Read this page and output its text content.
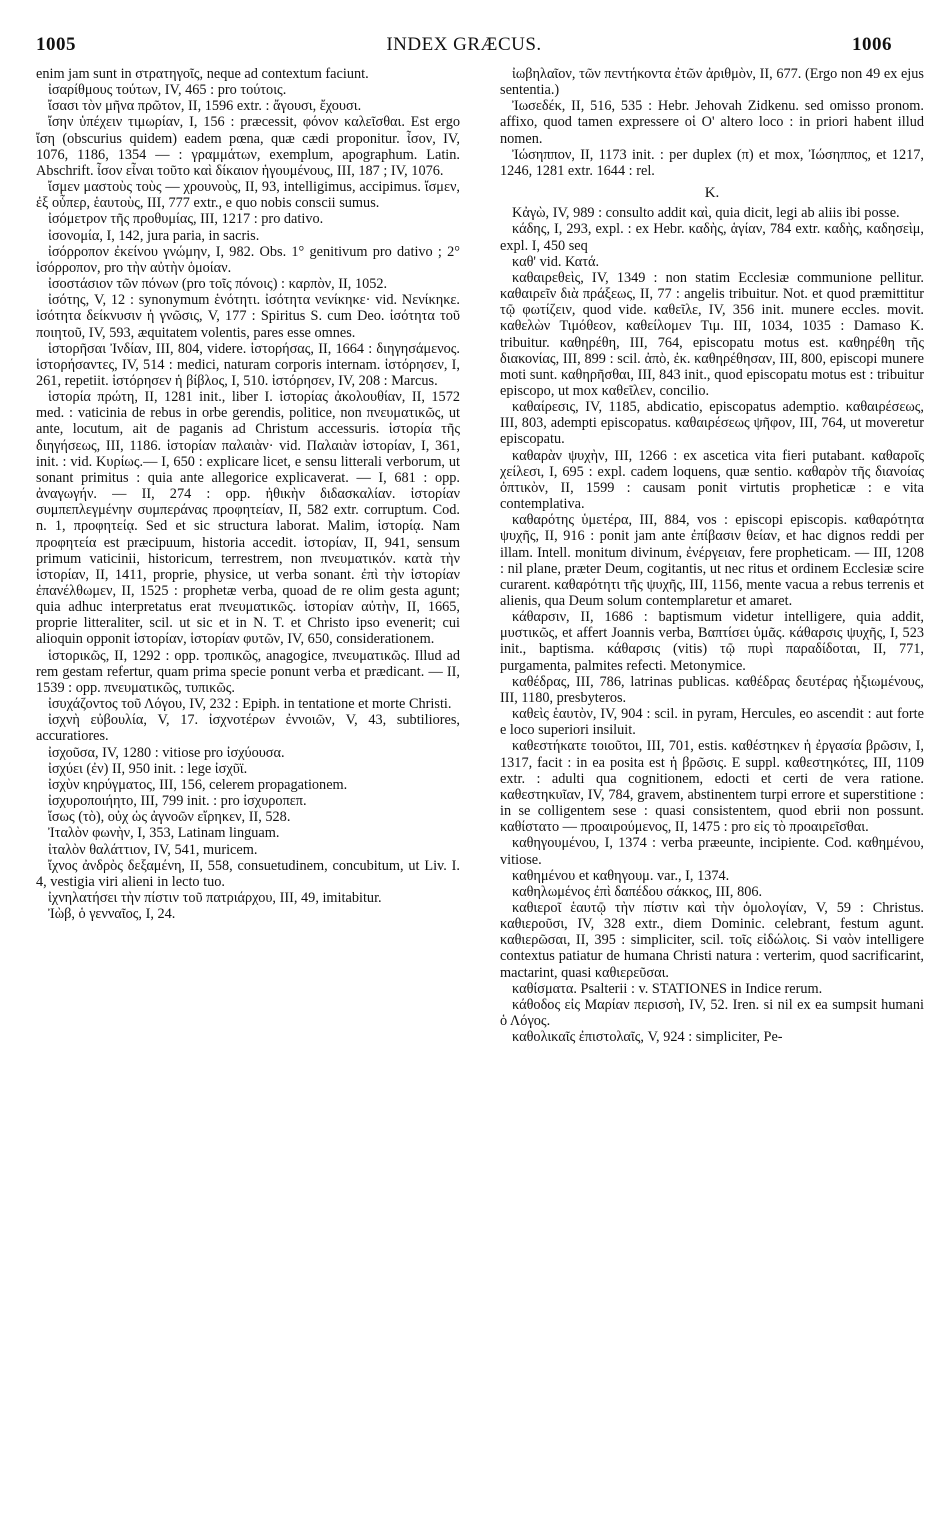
1005	INDEX GRÆCUS.	1006

enim jam sunt in στρατηγοῖς, neque ad contextum faciunt.

ἰσαρίθμους τούτων, IV, 465 : pro τούτοις.

ἴσασι τὸν μῆνα πρῶτον, II, 1596 extr. : ἄγουσι, ἔχουσι.

ἴσην ὑπέχειν τιμωρίαν, I, 156 : præcessit, φόνον καλεῖσθαι. Est ergo ἴση (obscurius quidem) eadem pœna, quæ cædi proponitur. ἶσον, IV, 1076, 1186, 1354 — : γραμμάτων, exemplum, apographum. Latin. Abschrift. ἶσον εἶναι τοῦτο καὶ δίκαιον ἡγουμένους, III, 187 ; IV, 1076.

ἴσμεν μαστοὺς τοὺς — χρουνοὺς, II, 93, intelligimus, accipimus. ἴσμεν, ἐξ οὗπερ, ἑαυτοὺς, III, 777 extr., e quo nobis conscii sumus.

ἰσόμετρον τῆς προθυμίας, III, 1217 : pro dativo.

ἰσονομία, I, 142, jura paria, in sacris.

ἰσόρροπον ἐκείνου γνώμην, I, 982. Obs. 1° genitivum pro dativo ; 2° ἰσόρροπον, pro τὴν αὐτὴν ὁμοίαν.

ἰσοστάσιον τῶν πόνων (pro τοῖς πόνοις) : καρπὸν, II, 1052.

ἰσότης, V, 12 : synonymum ἑνότητι. ἰσότητα νενίκηκε· vid. Νενίκηκε. ἰσότητα δείκνυσιν ἡ γνῶσις, V, 177 : Spiritus S. cum Deo. ἰσότητα τοῦ ποιητοῦ, IV, 593, æquitatem volentis, pares esse omnes.

ἱστορῆσαι Ἰνδίαν, III, 804, videre. ἱστορήσας, II, 1664 : διηγησάμενος. ἱστορήσαντες, IV, 514 : medici, naturam corporis internam. ἱστόρησεν, I, 261, repetiit. ἱστόρησεν ἡ βίβλος, I, 510. ἱστόρησεν, IV, 208 : Marcus.

ἱστορία πρώτη, II, 1281 init., liber I. ἱστορίας ἀκολουθίαν, II, 1572 med. : vaticinia de rebus in orbe gerendis, politice, non πνευματικῶς, ut ante, locutum, ait de paganis ad Christum accessuris. ἱστορία τῆς διηγήσεως, III, 1186. ἱστορίαν παλαιὰν· vid. Παλαιὰν ἱστορίαν, I, 361, init. : vid. Κυρίως.— I, 650 : explicare licet, e sensu litterali verborum, ut sonant primitus : quia ante allegorice explicaverat. — I, 681 : opp. ἀναγωγήν. — II, 274 : opp. ἠθικὴν διδασκαλίαν. ἱστορίαν συμπεπλεγμένην συμπεράνας προφητείαν, II, 582 extr. corruptum. Cod. n. 1, προφητείᾳ. Sed et sic structura laborat. Malim, ἱστορίᾳ. Nam προφητεία est præcipuum, historia accedit. ἱστορίαν, II, 941, sensum primum vaticinii, historicum, terrestrem, non πνευματικόν. κατὰ τὴν ἱστορίαν, II, 1411, proprie, physice, ut verba sonant. ἐπὶ τὴν ἱστορίαν ἐπανέλθωμεν, II, 1525 : prophetæ verba, quoad de re olim gesta agunt; quia adhuc interpretatus erat πνευματικῶς. ἱστορίαν αὐτὴν, II, 1665, proprie litteraliter, scil. ut sic et in N. T. et Christo ipso evenerit; cui alioquin opponit ἱστορίαν, ἱστορίαν φυτῶν, IV, 650, considerationem.

ἱστορικῶς, II, 1292 : opp. τροπικῶς, anagogice, πνευματικῶς. Illud ad rem gestam refertur, quam prima specie ponunt verba et prædicant. — II, 1539 : opp. πνευματικῶς, τυπικῶς.

ἰσυχάζοντος τοῦ Λόγου, IV, 232 : Epiph. in tentatione et morte Christi.

ἰσχνὴ εὐβουλία, V, 17. ἰσχνοτέρων ἐννοιῶν, V, 43, subtiliores, accuratiores.

ἰσχοῦσα, IV, 1280 : vitiose pro ἰσχύουσα.

ἰσχύει (ἐν) II, 950 init. : lege ἰσχῦϊ.

ἰσχὺν κηρύγματος, III, 156, celerem propagationem.

ἰσχυροποιήητο, III, 799 init. : pro ἰσχυροπεπ.

ἴσως (τὸ), οὐχ ὡς ἀγνοῶν εἴρηκεν, II, 528.

Ἰταλὸν φωνὴν, I, 353, Latinam linguam.

ἰταλὸν θαλάττιον, IV, 541, muricem.

ἴχνος ἀνδρὸς δεξαμένη, II, 558, consuetudinem, concubitum, ut Liv. I. 4, vestigia viri alieni in lecto tuo.

ἰχνηλατήσει τὴν πίστιν τοῦ πατριάρχου, III, 49, imitabitur.

Ἰὼβ, ὁ γενναῖος, I, 24.

ἰωβηλαῖον, τῶν πεντήκοντα ἐτῶν ἀριθμὸν, II, 677. (Ergo non 49 ex ejus sententia.)

Ἰωσεδέκ, II, 516, 535 : Hebr. Jehovah Zidkenu. sed omisso pronom. affixo, quod tamen expressere οἱ Ο' altero loco : in priori habent illud nomen.

Ἰώσηππον, II, 1173 init. : per duplex (π) et mox, Ἰώσηππος, et 1217, 1246, 1281 extr. 1644 : rel.

K.

Κἀγὼ, IV, 989 : consulto addit καὶ, quia dicit, legi ab aliis ibi posse.

κάδης, I, 293, expl. : ex Hebr. καδὴς, ἁγίαν, 784 extr. καδὴς, καδησεὶμ, expl. I, 450 seq

καθ' vid. Κατά.

καθαιρεθεὶς, IV, 1349 : non statim Ecclesiæ communione pellitur. καθαιρεῖν διὰ πράξεως, II, 77 : angelis tribuitur. Not. et quod præmittitur τῷ φωτίζειν, quod vide. καθεῖλε, IV, 356 init. munere eccles. movit. καθελὼν Τιμόθεον, καθείλομεν Τιμ. III, 1034, 1035 : Damaso K. tribuitur. καθηρέθη, III, 764, episcopatu motus est. καθηρέθη τῆς διακονίας, III, 899 : scil. ἀπὸ, ἐκ. καθηρέθησαν, III, 800, episcopi munere moti sunt. καθηρῆσθαι, III, 843 init., quod episcopatu motus est : tribuitur episcopo, ut mox καθεῖλεν, concilio.

καθαίρεσις, IV, 1185, abdicatio, episcopatus ademptio. καθαιρέσεως, III, 803, adempti episcopatus. καθαιρέσεως ψῆφον, III, 764, ut moveretur episcopatu.

καθαρὰν ψυχὴν, III, 1266 : ex ascetica vita fieri putabant. καθαροῖς χείλεσι, I, 695 : expl. cadem loquens, quæ sentio. καθαρὸν τῆς διανοίας ὀπτικὸν, II, 1599 : causam ponit virtutis propheticæ : e vita contemplativa.

καθαρότης ὑμετέρα, III, 884, vos : episcopi episcopis. καθαρότητα ψυχῆς, II, 916 : ponit jam ante ἐπίβασιν θείαν, et hac dignos reddi per illam. Intell. monitum divinum, ἐνέργειαν, fere propheticam. — III, 1208 : nil plane, præter Deum, cogitantis, ut nec ritus et ordinem Ecclesiæ scire curarent. καθαρότητι τῆς ψυχῆς, III, 1156, mente vacua a rebus terrenis et alienis, qua Deum solum contemplaretur et amaret.

κάθαρσιν, II, 1686 : baptismum videtur intelligere, quia addit, μυστικῶς, et affert Joannis verba, Βαπτίσει ὑμᾶς. κάθαρσις ψυχῆς, I, 523 init., baptisma. κάθαρσις (vitis) τῷ πυρὶ παραδίδοται, II, 771, purgamenta, palmites refecti. Metonymice.

καθέδρας, III, 786, latrinas publicas. καθέδρας δευτέρας ἠξιωμένους, III, 1180, presbyteros.

καθεὶς ἑαυτὸν, IV, 904 : scil. in pyram, Hercules, eo ascendit : aut forte e loco superiori insiluit.

καθεστήκατε τοιοῦτοι, III, 701, estis. καθέστηκεν ἡ ἐργασία βρῶσιν, I, 1317, facit : in ea posita est ἡ βρῶσις. E suppl. καθεστηκότες, III, 1109 extr. : adulti qua cognitionem, edocti et certi de vera ratione. καθεστηκυῖαν, IV, 784, gravem, abstinentem turpi errore et superstitione : in se colligentem sese : quasi consistentem, quod ebrii non possunt. καθίστατο — προαιρούμενος, II, 1475 : pro εἰς τὸ προαιρεῖσθαι.

καθηγουμένου, I, 1374 : verba præeunte, incipiente. Cod. καθημένου, vitiose.

καθημένου et καθηγουμ. var., I, 1374.

καθηλωμένος ἐπὶ δαπέδου σάκκος, III, 806.

καθιεροῖ ἑαυτῷ τὴν πίστιν καὶ τὴν ὁμολογίαν, V, 59 : Christus. καθιεροῦσι, IV, 328 extr., diem Dominic. celebrant, festum agunt. καθιερῶσαι, II, 395 : simpliciter, scil. τοῖς εἰδώλοις. Si ναὸν intelligere contextus patiatur de humana Christi natura : verterim, quod sacrificarint, mactarint, quasi καθιερεῦσαι.

καθίσματα. Psalterii : v. STATIONES in Indice rerum.

κάθοδος εἰς Μαρίαν περισσὴ, IV, 52. Iren. si nil ex ea sumpsit humani ὁ Λόγος.

καθολικαῖς ἐπιστολαῖς, V, 924 : simpliciter, Pe-
